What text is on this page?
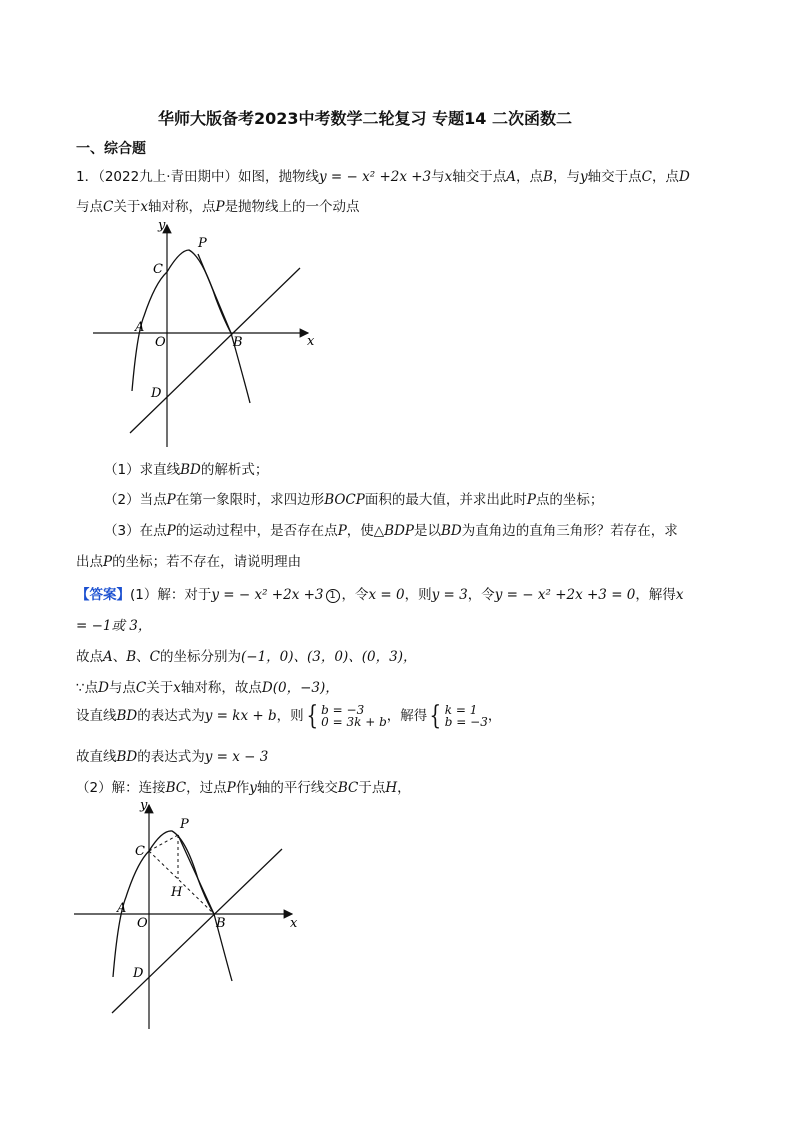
华师大版备考2023中考数学二轮复习 专题14 二次函数二
一、综合题
1．（2022九上·青田期中）如图，抛物线y = − x² +2x +3与x轴交于点A，点B，与y轴交于点C，点D
与点C关于x轴对称，点P是抛物线上的一个动点
y
x
C
P
A
O	B
D
（1）求直线BD的解析式；
（2）当点P在第一象限时，求四边形BOCP面积的最大值，并求出此时P点的坐标；
（3）在点P的运动过程中，是否存在点P，使△BDP是以BD为直角边的直角三角形？若存在，求
出点P的坐标；若不存在，请说明理由
【答案】(1）解：对于y = − x² +2x +3 1 ，令x = 0，则y = 3，令y = − x² +2x +3 = 0，解得x
= −1或 3，
故点A、B、C的坐标分别为(−1，0)、(3，0)、(0，3)，
∵点D与点C关于x轴对称，故点D(0，−3)，
设直线BD的表达式为y = kx + b，则{ b = −3
0 = 3k + b，解得{ k = 1
b = −3，
故直线BD的表达式为y = x − 3
（2）解：连接BC，过点P作y轴的平行线交BC于点H，
y
x
C
P
H
A
O	B
D
